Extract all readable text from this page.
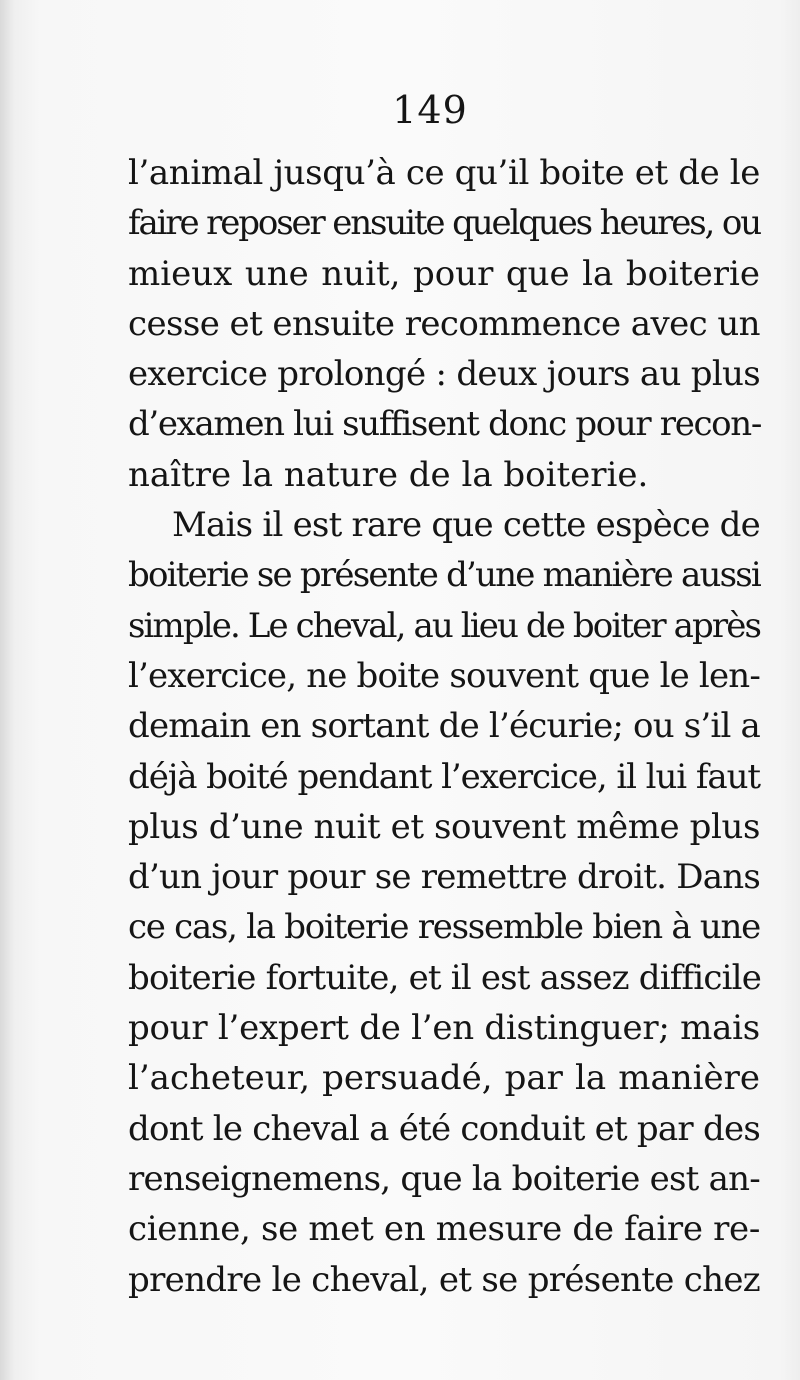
149
l’animal jusqu’à ce qu’il boite et de le
faire reposer ensuite quelques heures, ou
mieux une nuit, pour que la boiterie
cesse et ensuite recommence avec un
exercice prolongé : deux jours au plus
d’examen lui suffisent donc pour recon-
naître la nature de la boiterie.
Mais il est rare que cette espèce de
boiterie se présente d’une manière aussi
simple. Le cheval, au lieu de boiter après
l’exercice, ne boite souvent que le len-
demain en sortant de l’écurie; ou s’il a
déjà boité pendant l’exercice, il lui faut
plus d’une nuit et souvent même plus
d’un jour pour se remettre droit. Dans
ce cas, la boiterie ressemble bien à une
boiterie fortuite, et il est assez difficile
pour l’expert de l’en distinguer; mais
l’acheteur, persuadé, par la manière
dont le cheval a été conduit et par des
renseignemens, que la boiterie est an-
cienne, se met en mesure de faire re-
prendre le cheval, et se présente chez
